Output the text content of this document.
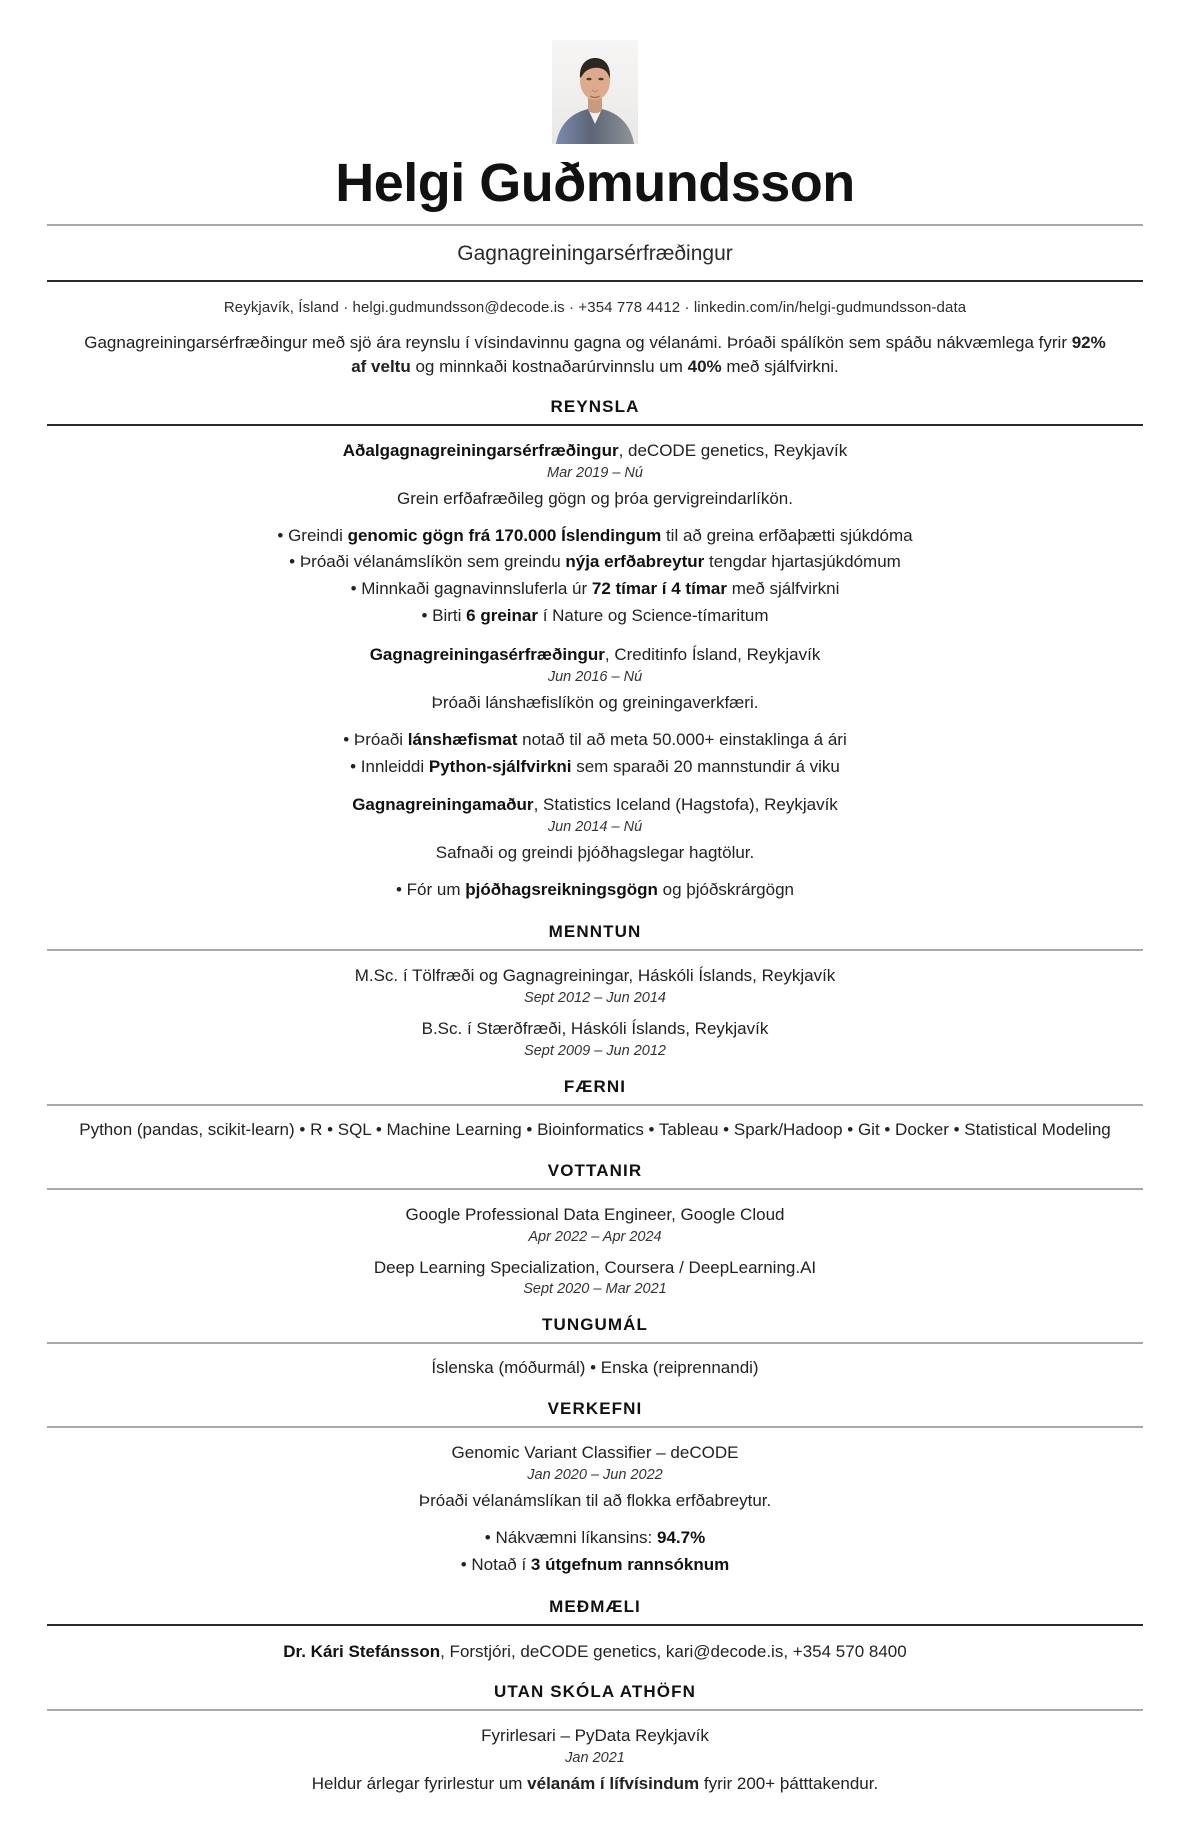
Helgi Guðmundsson
Gagnagreiningarsérfræðingur
Reykjavík, Ísland · helgi.gudmundsson@decode.is · +354 778 4412 · linkedin.com/in/helgi-gudmundsson-data

Gagnagreiningarsérfræðingur með sjö ára reynslu í vísindavinnu gagna og vélanámi. Þróaði spálíkön sem spáðu nákvæmlega fyrir 92% af veltu og minnkaði kostnaðarúrvinnslu um 40% með sjálfvirkni.

REYNSLA
Aðalgagnagreiningarsérfræðingur, deCODE genetics, Reykjavík
Mar 2019 – Nú
Grein erfðafræðileg gögn og þróa gervigreindarlíkön.
• Greindi genomic gögn frá 170.000 Íslendingum til að greina erfðaþætti sjúkdóma
• Þróaði vélanámslíkön sem greindu nýja erfðabreytur tengdar hjartasjúkdómum
• Minnkaði gagnavinnsluferla úr 72 tímar í 4 tímar með sjálfvirkni
• Birti 6 greinar í Nature og Science-tímaritum
Gagnagreiningasérfræðingur, Creditinfo Ísland, Reykjavík
Jun 2016 – Nú
Þróaði lánshæfislíkön og greiningaverkfæri.
• Þróaði lánshæfismat notað til að meta 50.000+ einstaklinga á ári
• Innleiddi Python-sjálfvirkni sem sparaði 20 mannstundir á viku
Gagnagreiningamaður, Statistics Iceland (Hagstofa), Reykjavík
Jun 2014 – Nú
Safnaði og greindi þjóðhagslegar hagtölur.
• Fór um þjóðhagsreikningsgögn og þjóðskrárgögn
MENNTUN
M.Sc. í Tölfræði og Gagnagreiningar, Háskóli Íslands, Reykjavík
Sept 2012 – Jun 2014
B.Sc. í Stærðfræði, Háskóli Íslands, Reykjavík
Sept 2009 – Jun 2012
FÆRNI
Python (pandas, scikit-learn) • R • SQL • Machine Learning • Bioinformatics • Tableau • Spark/Hadoop • Git • Docker • Statistical Modeling
VOTTANIR
Google Professional Data Engineer, Google Cloud
Apr 2022 – Apr 2024
Deep Learning Specialization, Coursera / DeepLearning.AI
Sept 2020 – Mar 2021
TUNGUMÁL
Íslenska (móðurmál) • Enska (reiprennandi)
VERKEFNI
Genomic Variant Classifier – deCODE
Jan 2020 – Jun 2022
Þróaði vélanámslíkan til að flokka erfðabreytur.
• Nákvæmni líkansins: 94.7%
• Notað í 3 útgefnum rannsóknum
MEÐMÆLI
Dr. Kári Stefánsson, Forstjóri, deCODE genetics, kari@decode.is, +354 570 8400
UTAN SKÓLA ATHÖFN
Fyrirlesari – PyData Reykjavík
Jan 2021
Heldur árlegar fyrirlestur um vélanám í lífvísindum fyrir 200+ þátttakendur.
